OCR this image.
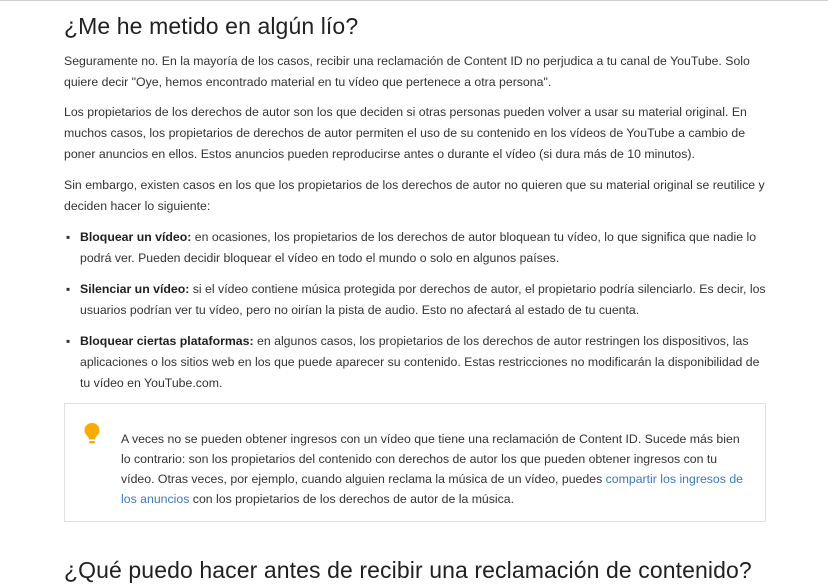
¿Me he metido en algún lío?

Seguramente no. En la mayoría de los casos, recibir una reclamación de Content ID no perjudica a tu canal de YouTube. Solo quiere decir "Oye, hemos encontrado material en tu vídeo que pertenece a otra persona".

Los propietarios de los derechos de autor son los que deciden si otras personas pueden volver a usar su material original. En muchos casos, los propietarios de derechos de autor permiten el uso de su contenido en los vídeos de YouTube a cambio de poner anuncios en ellos. Estos anuncios pueden reproducirse antes o durante el vídeo (si dura más de 10 minutos).

Sin embargo, existen casos en los que los propietarios de los derechos de autor no quieren que su material original se reutilice y deciden hacer lo siguiente:

▪ Bloquear un vídeo: en ocasiones, los propietarios de los derechos de autor bloquean tu vídeo, lo que significa que nadie lo podrá ver. Pueden decidir bloquear el vídeo en todo el mundo o solo en algunos países.
▪ Silenciar un vídeo: si el vídeo contiene música protegida por derechos de autor, el propietario podría silenciarlo. Es decir, los usuarios podrían ver tu vídeo, pero no oirían la pista de audio. Esto no afectará al estado de tu cuenta.
▪ Bloquear ciertas plataformas: en algunos casos, los propietarios de los derechos de autor restringen los dispositivos, las aplicaciones o los sitios web en los que puede aparecer su contenido. Estas restricciones no modificarán la disponibilidad de tu vídeo en YouTube.com.
A veces no se pueden obtener ingresos con un vídeo que tiene una reclamación de Content ID. Sucede más bien lo contrario: son los propietarios del contenido con derechos de autor los que pueden obtener ingresos con tu vídeo. Otras veces, por ejemplo, cuando alguien reclama la música de un vídeo, puedes compartir los ingresos de los anuncios con los propietarios de los derechos de autor de la música.
¿Qué puedo hacer antes de recibir una reclamación de contenido?
